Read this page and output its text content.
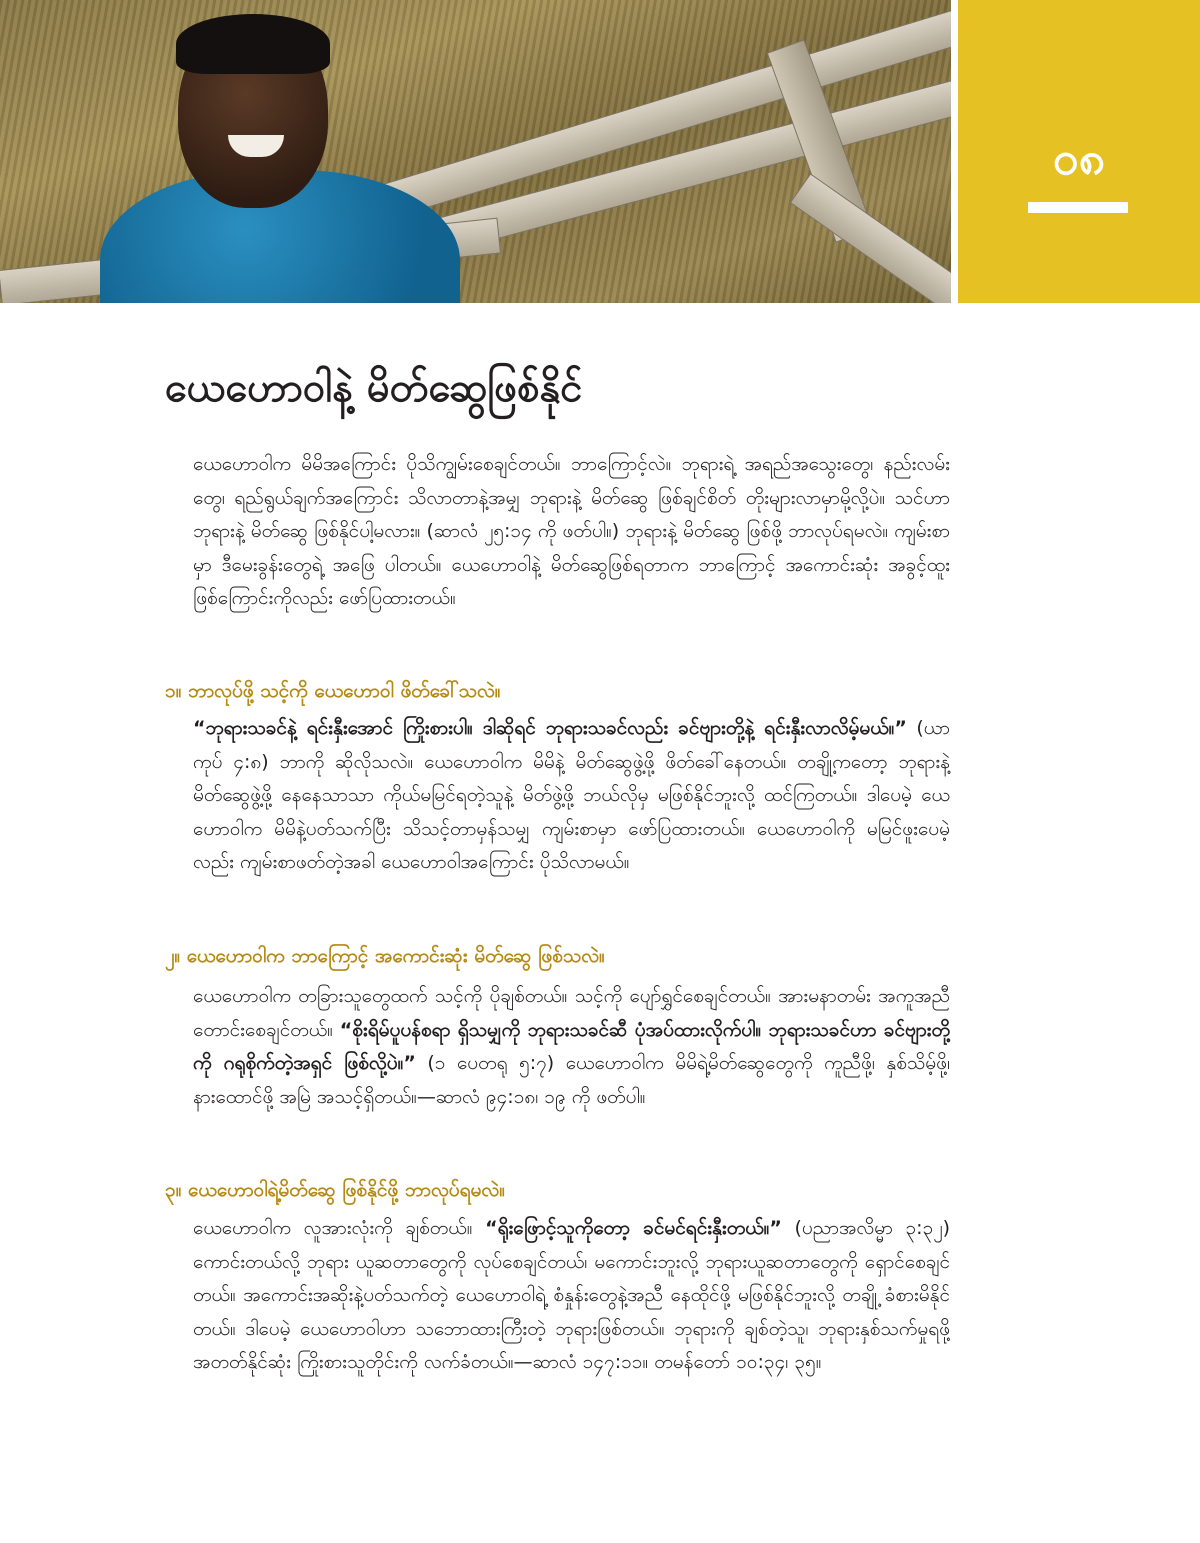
၀၈
ယေဟောဝါနဲ့ မိတ်ဆွေဖြစ်နိုင်

ယေဟောဝါက မိမိအကြောင်း ပိုသိကျွမ်းစေချင်တယ်။ ဘာကြောင့်လဲ။ ဘုရားရဲ့ အရည်အသွေးတွေ၊ နည်းလမ်းတွေ၊ ရည်ရွယ်ချက်အကြောင်း သိလာတာနဲ့အမျှ ဘုရားနဲ့ မိတ်ဆွေ ဖြစ်ချင်စိတ် တိုးများလာမှာမို့လို့ပဲ။ သင်ဟာ ဘုရားနဲ့ မိတ်ဆွေ ဖြစ်နိုင်ပါ့မလား။ (ဆာလံ ၂၅:၁၄ ကို ဖတ်ပါ။) ဘုရားနဲ့ မိတ်ဆွေ ဖြစ်ဖို့ ဘာလုပ်ရမလဲ။ ကျမ်းစာမှာ ဒီမေးခွန်းတွေရဲ့ အဖြေ ပါတယ်။ ယေဟောဝါနဲ့ မိတ်ဆွေဖြစ်ရတာက ဘာကြောင့် အကောင်းဆုံး အခွင့်ထူး ဖြစ်ကြောင်းကိုလည်း ဖော်ပြထားတယ်။

၁။ ဘာလုပ်ဖို့ သင့်ကို ယေဟောဝါ ဖိတ်ခေါ်သလဲ။

“ဘုရားသခင်နဲ့ ရင်းနှီးအောင် ကြိုးစားပါ။ ဒါဆိုရင် ဘုရားသခင်လည်း ခင်ဗျားတို့နဲ့ ရင်းနှီးလာလိမ့်မယ်။” (ယာကုပ် ၄:၈) ဘာကို ဆိုလိုသလဲ။ ယေဟောဝါက မိမိနဲ့ မိတ်ဆွေဖွဲ့ဖို့ ဖိတ်ခေါ်နေတယ်။ တချို့ကတော့ ဘုရားနဲ့ မိတ်ဆွေဖွဲ့ဖို့ နေနေသာသာ ကိုယ်မမြင်ရတဲ့သူနဲ့ မိတ်ဖွဲ့ဖို့ ဘယ်လိုမှ မဖြစ်နိုင်ဘူးလို့ ထင်ကြတယ်။ ဒါပေမဲ့ ယေဟောဝါက မိမိနဲ့ပတ်သက်ပြီး သိသင့်တာမှန်သမျှ ကျမ်းစာမှာ ဖော်ပြထားတယ်။ ယေဟောဝါကို မမြင်ဖူးပေမဲ့လည်း ကျမ်းစာဖတ်တဲ့အခါ ယေဟောဝါအကြောင်း ပိုသိလာမယ်။

၂။ ယေဟောဝါက ဘာကြောင့် အကောင်းဆုံး မိတ်ဆွေ ဖြစ်သလဲ။

ယေဟောဝါက တခြားသူတွေထက် သင့်ကို ပိုချစ်တယ်။ သင့်ကို ပျော်ရွှင်စေချင်တယ်။ အားမနာတမ်း အကူအညီတောင်းစေချင်တယ်။ “စိုးရိမ်ပူပန်စရာ ရှိသမျှကို ဘုရားသခင်ဆီ ပုံအပ်ထားလိုက်ပါ။ ဘုရားသခင်ဟာ ခင်ဗျားတို့ကို ဂရုစိုက်တဲ့အရှင် ဖြစ်လို့ပဲ။” (၁ ပေတရု ၅:၇) ယေဟောဝါက မိမိရဲ့မိတ်ဆွေတွေကို ကူညီဖို့၊ နှစ်သိမ့်ဖို့၊ နားထောင်ဖို့ အမြဲ အသင့်ရှိတယ်။—ဆာလံ ၉၄:၁၈၊ ၁၉ ကို ဖတ်ပါ။

၃။ ယေဟောဝါရဲ့မိတ်ဆွေ ဖြစ်နိုင်ဖို့ ဘာလုပ်ရမလဲ။

ယေဟောဝါက လူအားလုံးကို ချစ်တယ်။ “ရိုးဖြောင့်သူကိုတော့ ခင်မင်ရင်းနှီးတယ်။” (ပညာအလိမ္မာ ၃:၃၂) ကောင်းတယ်လို့ ဘုရား ယူဆတာတွေကို လုပ်စေချင်တယ်၊ မကောင်းဘူးလို့ ဘုရားယူဆတာတွေကို ရှောင်စေချင်တယ်။ အကောင်းအဆိုးနဲ့ပတ်သက်တဲ့ ယေဟောဝါရဲ့ စံနှုန်းတွေနဲ့အညီ နေထိုင်ဖို့ မဖြစ်နိုင်ဘူးလို့ တချို့ ခံစားမိနိုင်တယ်။ ဒါပေမဲ့ ယေဟောဝါဟာ သဘောထားကြီးတဲ့ ဘုရားဖြစ်တယ်။ ဘုရားကို ချစ်တဲ့သူ၊ ဘုရားနှစ်သက်မှုရဖို့ အတတ်နိုင်ဆုံး ကြိုးစားသူတိုင်းကို လက်ခံတယ်။—ဆာလံ ၁၄၇:၁၁။ တမန်တော် ၁၀:၃၄၊ ၃၅။
